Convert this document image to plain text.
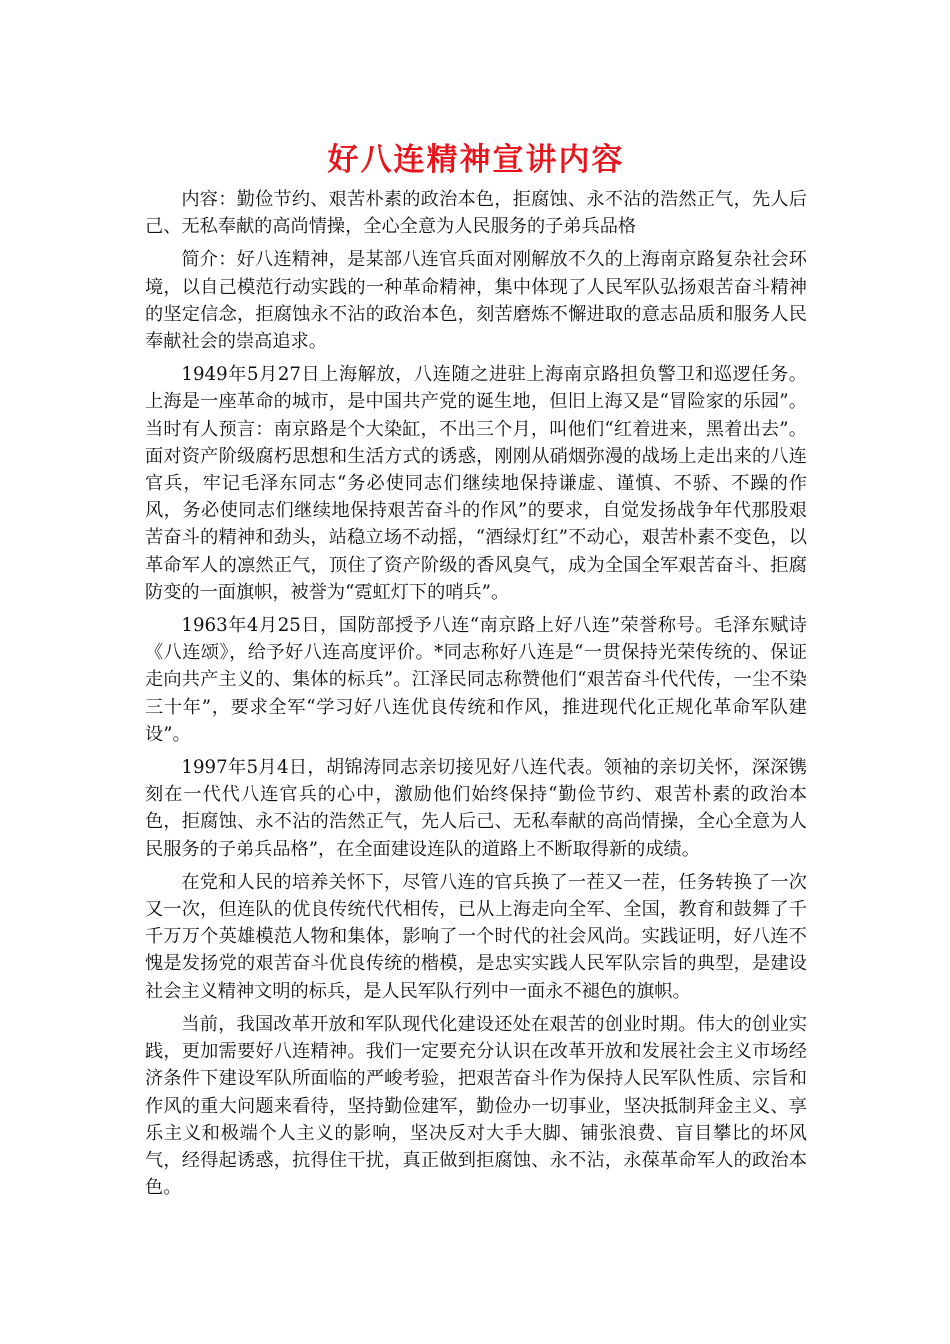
好八连精神宣讲内容

内容：勤俭节约、艰苦朴素的政治本色，拒腐蚀、永不沾的浩然正气，先人后己、无私奉献的高尚情操，全心全意为人民服务的子弟兵品格

简介：好八连精神，是某部八连官兵面对刚解放不久的上海南京路复杂社会环境，以自己模范行动实践的一种革命精神，集中体现了人民军队弘扬艰苦奋斗精神的坚定信念，拒腐蚀永不沾的政治本色，刻苦磨炼不懈进取的意志品质和服务人民奉献社会的崇高追求。

1949年5月27日上海解放，八连随之进驻上海南京路担负警卫和巡逻任务。上海是一座革命的城市，是中国共产党的诞生地，但旧上海又是“冒险家的乐园”。当时有人预言：南京路是个大染缸，不出三个月，叫他们“红着进来，黑着出去”。面对资产阶级腐朽思想和生活方式的诱惑，刚刚从硝烟弥漫的战场上走出来的八连官兵，牢记毛泽东同志“务必使同志们继续地保持谦虚、谨慎、不骄、不躁的作风，务必使同志们继续地保持艰苦奋斗的作风”的要求，自觉发扬战争年代那股艰苦奋斗的精神和劲头，站稳立场不动摇，“酒绿灯红”不动心，艰苦朴素不变色，以革命军人的凛然正气，顶住了资产阶级的香风臭气，成为全国全军艰苦奋斗、拒腐防变的一面旗帜，被誉为“霓虹灯下的哨兵”。

1963年4月25日，国防部授予八连“南京路上好八连”荣誉称号。毛泽东赋诗《八连颂》，给予好八连高度评价。*同志称好八连是“一贯保持光荣传统的、保证走向共产主义的、集体的标兵”。江泽民同志称赞他们“艰苦奋斗代代传，一尘不染三十年”，要求全军“学习好八连优良传统和作风，推进现代化正规化革命军队建设”。

1997年5月4日，胡锦涛同志亲切接见好八连代表。领袖的亲切关怀，深深镌刻在一代代八连官兵的心中，激励他们始终保持“勤俭节约、艰苦朴素的政治本色，拒腐蚀、永不沾的浩然正气，先人后己、无私奉献的高尚情操，全心全意为人民服务的子弟兵品格”，在全面建设连队的道路上不断取得新的成绩。

在党和人民的培养关怀下，尽管八连的官兵换了一茬又一茬，任务转换了一次又一次，但连队的优良传统代代相传，已从上海走向全军、全国，教育和鼓舞了千千万万个英雄模范人物和集体，影响了一个时代的社会风尚。实践证明，好八连不愧是发扬党的艰苦奋斗优良传统的楷模，是忠实实践人民军队宗旨的典型，是建设社会主义精神文明的标兵，是人民军队行列中一面永不褪色的旗帜。

当前，我国改革开放和军队现代化建设还处在艰苦的创业时期。伟大的创业实践，更加需要好八连精神。我们一定要充分认识在改革开放和发展社会主义市场经济条件下建设军队所面临的严峻考验，把艰苦奋斗作为保持人民军队性质、宗旨和作风的重大问题来看待，坚持勤俭建军，勤俭办一切事业，坚决抵制拜金主义、享乐主义和极端个人主义的影响，坚决反对大手大脚、铺张浪费、盲目攀比的坏风气，经得起诱惑，抗得住干扰，真正做到拒腐蚀、永不沾，永葆革命军人的政治本色。
